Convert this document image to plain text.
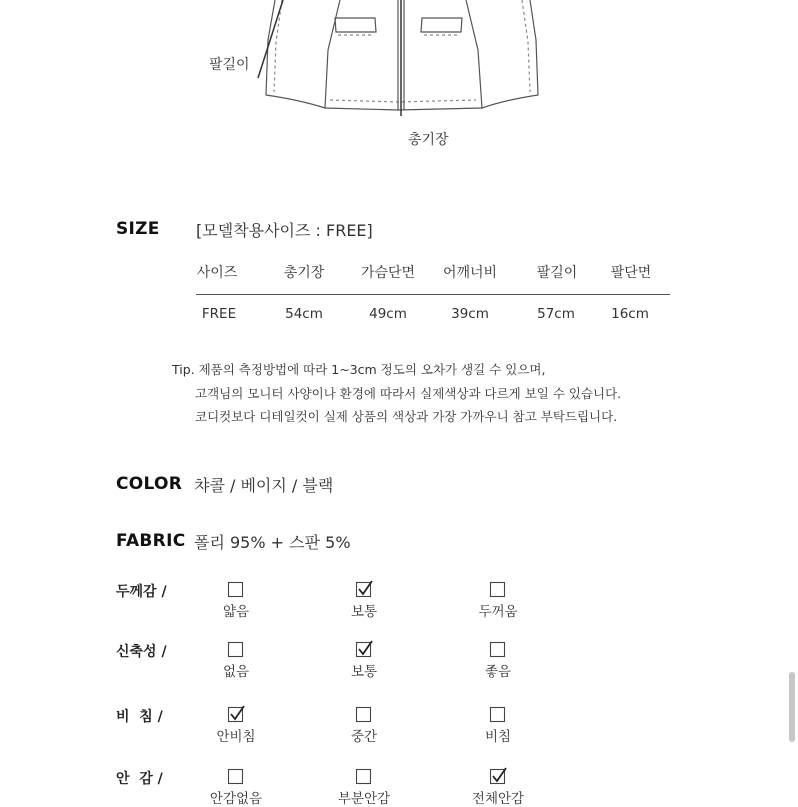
팔길이
총기장
SIZE [모델착용사이즈 : FREE]
사이즈	총기장	가슴단면	어깨너비	팔길이	팔단면
FREE	54cm	49cm	39cm	57cm	16cm
Tip. 제품의 측정방법에 따라 1~3cm 정도의 오차가 생길 수 있으며,
고객님의 모니터 사양이나 환경에 따라서 실제색상과 다르게 보일 수 있습니다.
코디컷보다 디테일컷이 실제 상품의 색상과 가장 가까우니 참고 부탁드립니다.
COLOR 챠콜 / 베이지 / 블랙
FABRIC 폴리 95% + 스판 5%
두께감 /
얇음	보통	두꺼움
신축성 /
없음	보통	좋음
비  침 /
안비침	중간	비침
안  감 /
안감없음	부분안감	전체안감
